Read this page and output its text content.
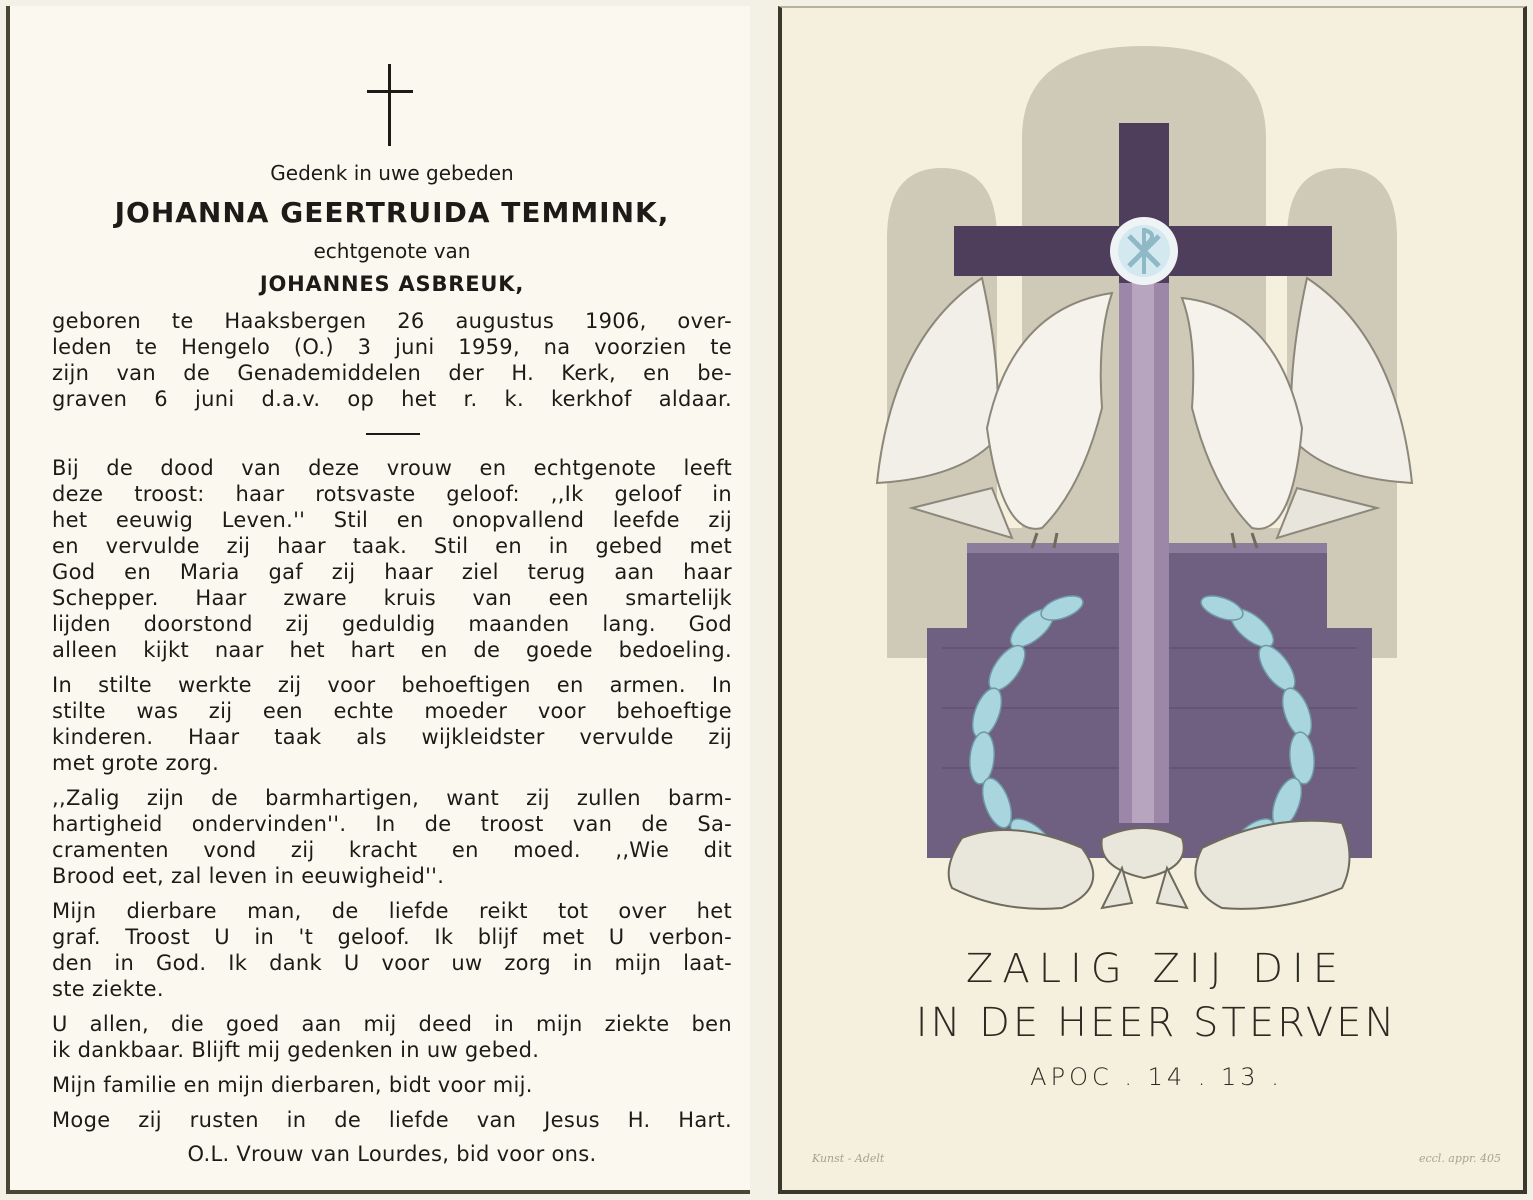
Gedenk in uwe gebeden

JOHANNA GEERTRUIDA TEMMINK,

echtgenote van

JOHANNES ASBREUK,

geboren te Haaksbergen 26 augustus 1906, over-

leden te Hengelo (O.) 3 juni 1959, na voorzien te

zijn van de Genademiddelen der H. Kerk, en be-

graven 6 juni d.a.v. op het r. k. kerkhof aldaar.

Bij de dood van deze vrouw en echtgenote leeft

deze troost: haar rotsvaste geloof: ,,Ik geloof in

het eeuwig Leven.'' Stil en onopvallend leefde zij

en vervulde zij haar taak. Stil en in gebed met

God en Maria gaf zij haar ziel terug aan haar

Schepper. Haar zware kruis van een smartelijk

lijden doorstond zij geduldig maanden lang. God

alleen kijkt naar het hart en de goede bedoeling.

In stilte werkte zij voor behoeftigen en armen. In

stilte was zij een echte moeder voor behoeftige

kinderen. Haar taak als wijkleidster vervulde zij

met grote zorg.

,,Zalig zijn de barmhartigen, want zij zullen barm-

hartigheid ondervinden''. In de troost van de Sa-

cramenten vond zij kracht en moed. ,,Wie dit

Brood eet, zal leven in eeuwigheid''.

Mijn dierbare man, de liefde reikt tot over het

graf. Troost U in 't geloof. Ik blijf met U verbon-

den in God. Ik dank U voor uw zorg in mijn laat-

ste ziekte.

U allen, die goed aan mij deed in mijn ziekte ben

ik dankbaar. Blijft mij gedenken in uw gebed.

Mijn familie en mijn dierbaren, bidt voor mij.

Moge zij rusten in de liefde van Jesus H. Hart.

O.L. Vrouw van Lourdes, bid voor ons.

ZALIG ZIJ DIE

IN DE HEER STERVEN

APOC . 14 . 13 .

Kunst - Adelt	eccl. appr. 405
